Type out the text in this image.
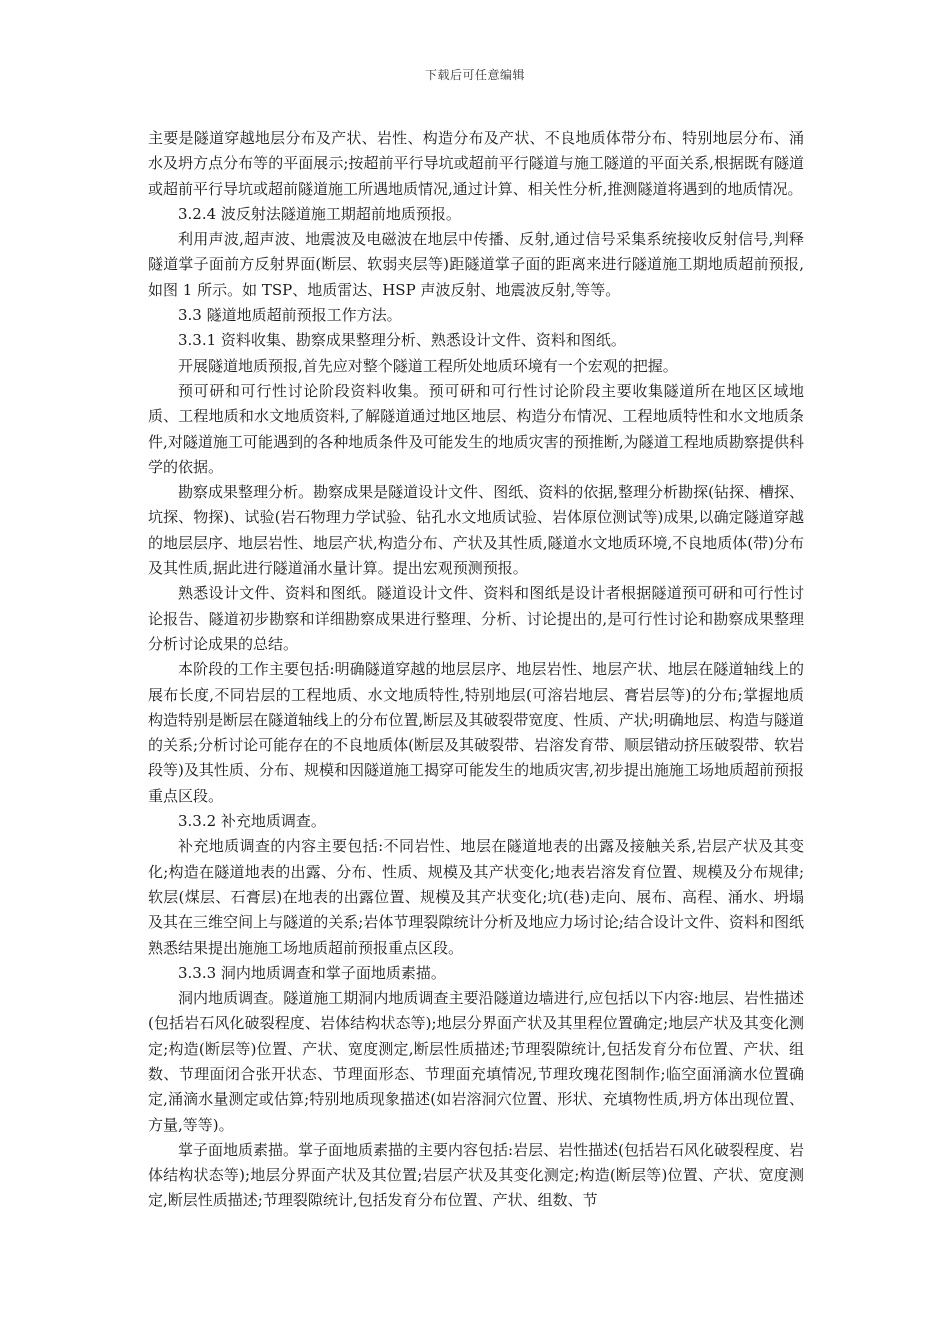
下载后可任意编辑

主要是隧道穿越地层分布及产状、岩性、构造分布及产状、不良地质体带分布、特别地层分布、涌水及坍方点分布等的平面展示;按超前平行导坑或超前平行隧道与施工隧道的平面关系,根据既有隧道或超前平行导坑或超前隧道施工所遇地质情况,通过计算、相关性分析,推测隧道将遇到的地质情况。

3.2.4 波反射法隧道施工期超前地质预报。

利用声波,超声波、地震波及电磁波在地层中传播、反射,通过信号采集系统接收反射信号,判释隧道掌子面前方反射界面(断层、软弱夹层等)距隧道掌子面的距离来进行隧道施工期地质超前预报,如图 1 所示。如 TSP、地质雷达、HSP 声波反射、地震波反射,等等。

3.3 隧道地质超前预报工作方法。

3.3.1 资料收集、勘察成果整理分析、熟悉设计文件、资料和图纸。

开展隧道地质预报,首先应对整个隧道工程所处地质环境有一个宏观的把握。

预可研和可行性讨论阶段资料收集。预可研和可行性讨论阶段主要收集隧道所在地区区域地质、工程地质和水文地质资料,了解隧道通过地区地层、构造分布情况、工程地质特性和水文地质条件,对隧道施工可能遇到的各种地质条件及可能发生的地质灾害的预推断,为隧道工程地质勘察提供科学的依据。

勘察成果整理分析。勘察成果是隧道设计文件、图纸、资料的依据,整理分析勘探(钻探、槽探、坑探、物探)、试验(岩石物理力学试验、钻孔水文地质试验、岩体原位测试等)成果,以确定隧道穿越的地层层序、地层岩性、地层产状,构造分布、产状及其性质,隧道水文地质环境,不良地质体(带)分布及其性质,据此进行隧道涌水量计算。提出宏观预测预报。

熟悉设计文件、资料和图纸。隧道设计文件、资料和图纸是设计者根据隧道预可研和可行性讨论报告、隧道初步勘察和详细勘察成果进行整理、分析、讨论提出的,是可行性讨论和勘察成果整理分析讨论成果的总结。

本阶段的工作主要包括:明确隧道穿越的地层层序、地层岩性、地层产状、地层在隧道轴线上的展布长度,不同岩层的工程地质、水文地质特性,特别地层(可溶岩地层、膏岩层等)的分布;掌握地质构造特别是断层在隧道轴线上的分布位置,断层及其破裂带宽度、性质、产状;明确地层、构造与隧道的关系;分析讨论可能存在的不良地质体(断层及其破裂带、岩溶发育带、顺层错动挤压破裂带、软岩段等)及其性质、分布、规模和因隧道施工揭穿可能发生的地质灾害,初步提出施施工场地质超前预报重点区段。

3.3.2 补充地质调查。

补充地质调查的内容主要包括:不同岩性、地层在隧道地表的出露及接触关系,岩层产状及其变化;构造在隧道地表的出露、分布、性质、规模及其产状变化;地表岩溶发育位置、规模及分布规律;软层(煤层、石膏层)在地表的出露位置、规模及其产状变化;坑(巷)走向、展布、高程、涌水、坍塌及其在三维空间上与隧道的关系;岩体节理裂隙统计分析及地应力场讨论;结合设计文件、资料和图纸熟悉结果提出施施工场地质超前预报重点区段。

3.3.3 洞内地质调查和掌子面地质素描。

洞内地质调查。隧道施工期洞内地质调查主要沿隧道边墙进行,应包括以下内容:地层、岩性描述(包括岩石风化破裂程度、岩体结构状态等);地层分界面产状及其里程位置确定;地层产状及其变化测定;构造(断层等)位置、产状、宽度测定,断层性质描述;节理裂隙统计,包括发育分布位置、产状、组数、节理面闭合张开状态、节理面形态、节理面充填情况,节理玫瑰花图制作;临空面涌滴水位置确定,涌滴水量测定或估算;特别地质现象描述(如岩溶洞穴位置、形状、充填物性质,坍方体出现位置、方量,等等)。

掌子面地质素描。掌子面地质素描的主要内容包括:岩层、岩性描述(包括岩石风化破裂程度、岩体结构状态等);地层分界面产状及其位置;岩层产状及其变化测定;构造(断层等)位置、产状、宽度测定,断层性质描述;节理裂隙统计,包括发育分布位置、产状、组数、节
